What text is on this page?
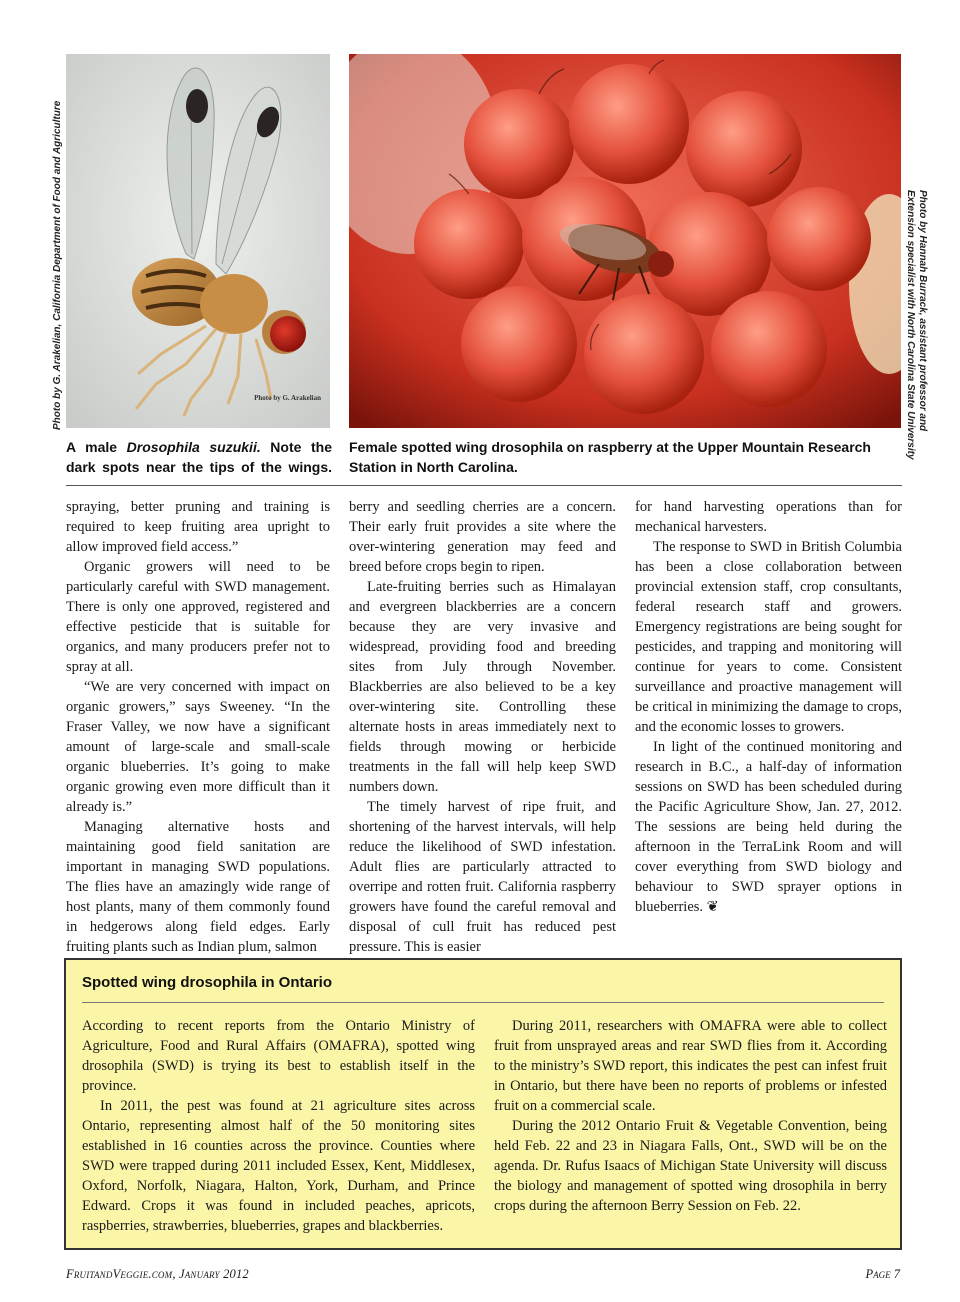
Photo by G. Arakelian, California Department of Food and Agriculture	Photo by Hannah Burrack, assistant professor and
Extension specialist with North Carolina State University
Photo by G. Arakelian
A male Drosophila suzukii. Note the dark spots near the tips of the wings.
Female spotted wing drosophila on raspberry at the Upper Mountain Research Station in North Carolina.

spraying, better pruning and training is required to keep fruiting area upright to allow improved field access.”

Organic growers will need to be particularly careful with SWD management. There is only one approved, registered and effective pesticide that is suitable for organics, and many producers prefer not to spray at all.

“We are very concerned with impact on organic growers,” says Sweeney. “In the Fraser Valley, we now have a significant amount of large-scale and small-scale organic blueberries. It’s going to make organic growing even more difficult than it already is.”

Managing alternative hosts and maintaining good field sanitation are important in managing SWD populations. The flies have an amazingly wide range of host plants, many of them commonly found in hedgerows along field edges. Early fruiting plants such as Indian plum, salmon

berry and seedling cherries are a concern. Their early fruit provides a site where the over-wintering generation may feed and breed before crops begin to ripen.

Late-fruiting berries such as Himalayan and evergreen blackberries are a concern because they are very invasive and widespread, providing food and breeding sites from July through November. Blackberries are also believed to be a key over-wintering site. Controlling these alternate hosts in areas immediately next to fields through mowing or herbicide treatments in the fall will help keep SWD numbers down.

The timely harvest of ripe fruit, and shortening of the harvest intervals, will help reduce the likelihood of SWD infestation. Adult flies are particularly attracted to overripe and rotten fruit. California raspberry growers have found the careful removal and disposal of cull fruit has reduced pest pressure. This is easier

for hand harvesting operations than for mechanical harvesters.

The response to SWD in British Columbia has been a close collaboration between provincial extension staff, crop consultants, federal research staff and growers. Emergency registrations are being sought for pesticides, and trapping and monitoring will continue for years to come. Consistent surveillance and proactive management will be critical in minimizing the damage to crops, and the economic losses to growers.

In light of the continued monitoring and research in B.C., a half-day of information sessions on SWD has been scheduled during the Pacific Agriculture Show, Jan. 27, 2012. The sessions are being held during the afternoon in the TerraLink Room and will cover everything from SWD biology and behaviour to SWD sprayer options in blueberries. ❦

Spotted wing drosophila in Ontario

According to recent reports from the Ontario Ministry of Agriculture, Food and Rural Affairs (OMAFRA), spotted wing drosophila (SWD) is trying its best to establish itself in the province.

In 2011, the pest was found at 21 agriculture sites across Ontario, representing almost half of the 50 monitoring sites established in 16 counties across the province. Counties where SWD were trapped during 2011 included Essex, Kent, Middlesex, Oxford, Norfolk, Niagara, Halton, York, Durham, and Prince Edward. Crops it was found in included peaches, apricots, raspberries, strawberries, blueberries, grapes and blackberries.

During 2011, researchers with OMAFRA were able to collect fruit from unsprayed areas and rear SWD flies from it. According to the ministry’s SWD report, this indicates the pest can infest fruit in Ontario, but there have been no reports of problems or infested fruit on a commercial scale.

During the 2012 Ontario Fruit & Vegetable Convention, being held Feb. 22 and 23 in Niagara Falls, Ont., SWD will be on the agenda. Dr. Rufus Isaacs of Michigan State University will discuss the biology and management of spotted wing drosophila in berry crops during the afternoon Berry Session on Feb. 22.

FruitandVeggie.com, January 2012	Page 7
